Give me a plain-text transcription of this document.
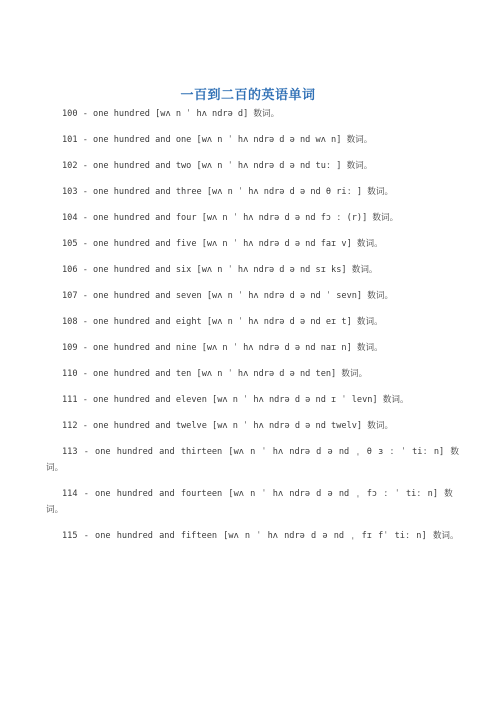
一百到二百的英语单词
100 - one hundred [wʌ n ˈ hʌ ndrə d] 数词。
101 - one hundred and one [wʌ n ˈ hʌ ndrə d ə nd wʌ n] 数词。
102 - one hundred and two [wʌ n ˈ hʌ ndrə d ə nd tuː ] 数词。
103 - one hundred and three [wʌ n ˈ hʌ ndrə d ə nd θ riː ] 数词。
104 - one hundred and four [wʌ n ˈ hʌ ndrə d ə nd fɔ ː (r)] 数词。
105 - one hundred and five [wʌ n ˈ hʌ ndrə d ə nd faɪ v] 数词。
106 - one hundred and six [wʌ n ˈ hʌ ndrə d ə nd sɪ ks] 数词。
107 - one hundred and seven [wʌ n ˈ hʌ ndrə d ə nd ˈ sevn] 数词。
108 - one hundred and eight [wʌ n ˈ hʌ ndrə d ə nd eɪ t] 数词。
109 - one hundred and nine [wʌ n ˈ hʌ ndrə d ə nd naɪ n] 数词。
110 - one hundred and ten [wʌ n ˈ hʌ ndrə d ə nd ten] 数词。
111 - one hundred and eleven [wʌ n ˈ hʌ ndrə d ə nd ɪ ˈ levn] 数词。
112 - one hundred and twelve [wʌ n ˈ hʌ ndrə d ə nd twelv] 数词。
113 - one hundred and thirteen [wʌ n ˈ hʌ ndrə d ə nd ˌ θ ɜ ː ˈ tiː n] 数词。
114 - one hundred and fourteen [wʌ n ˈ hʌ ndrə d ə nd ˌ fɔ ː ˈ tiː n] 数词。
115 - one hundred and fifteen [wʌ n ˈ hʌ ndrə d ə nd ˌ fɪ fˈ tiː n] 数词。
